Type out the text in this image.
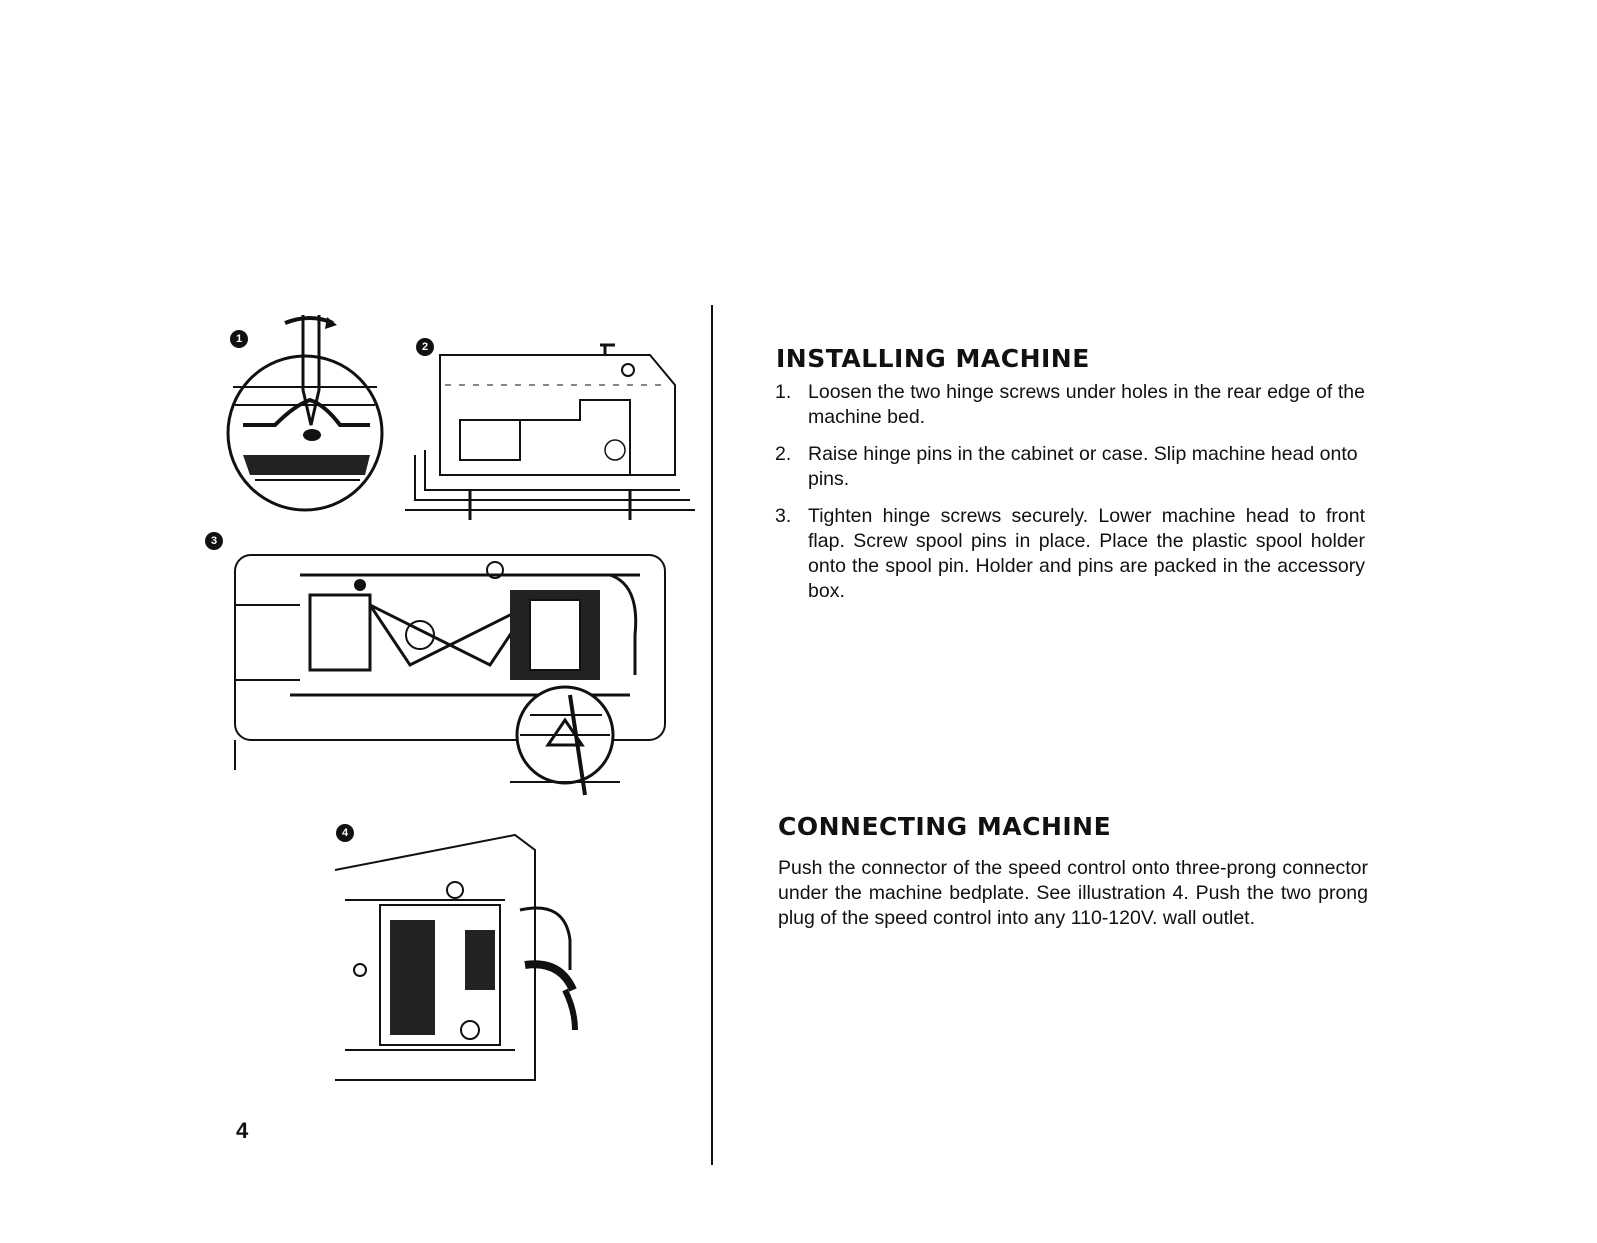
1
2
3
4
4
INSTALLING MACHINE
1. Loosen the two hinge screws under holes in the rear edge of the machine bed.
2. Raise hinge pins in the cabinet or case. Slip machine head onto pins.
3. Tighten hinge screws securely. Lower machine head to front flap. Screw spool pins in place. Place the plastic spool holder onto the spool pin. Holder and pins are packed in the accessory box.
CONNECTING MACHINE

Push the connector of the speed control onto three-prong connector under the machine bedplate. See illustration 4. Push the two prong plug of the speed control into any 110-120V. wall outlet.
